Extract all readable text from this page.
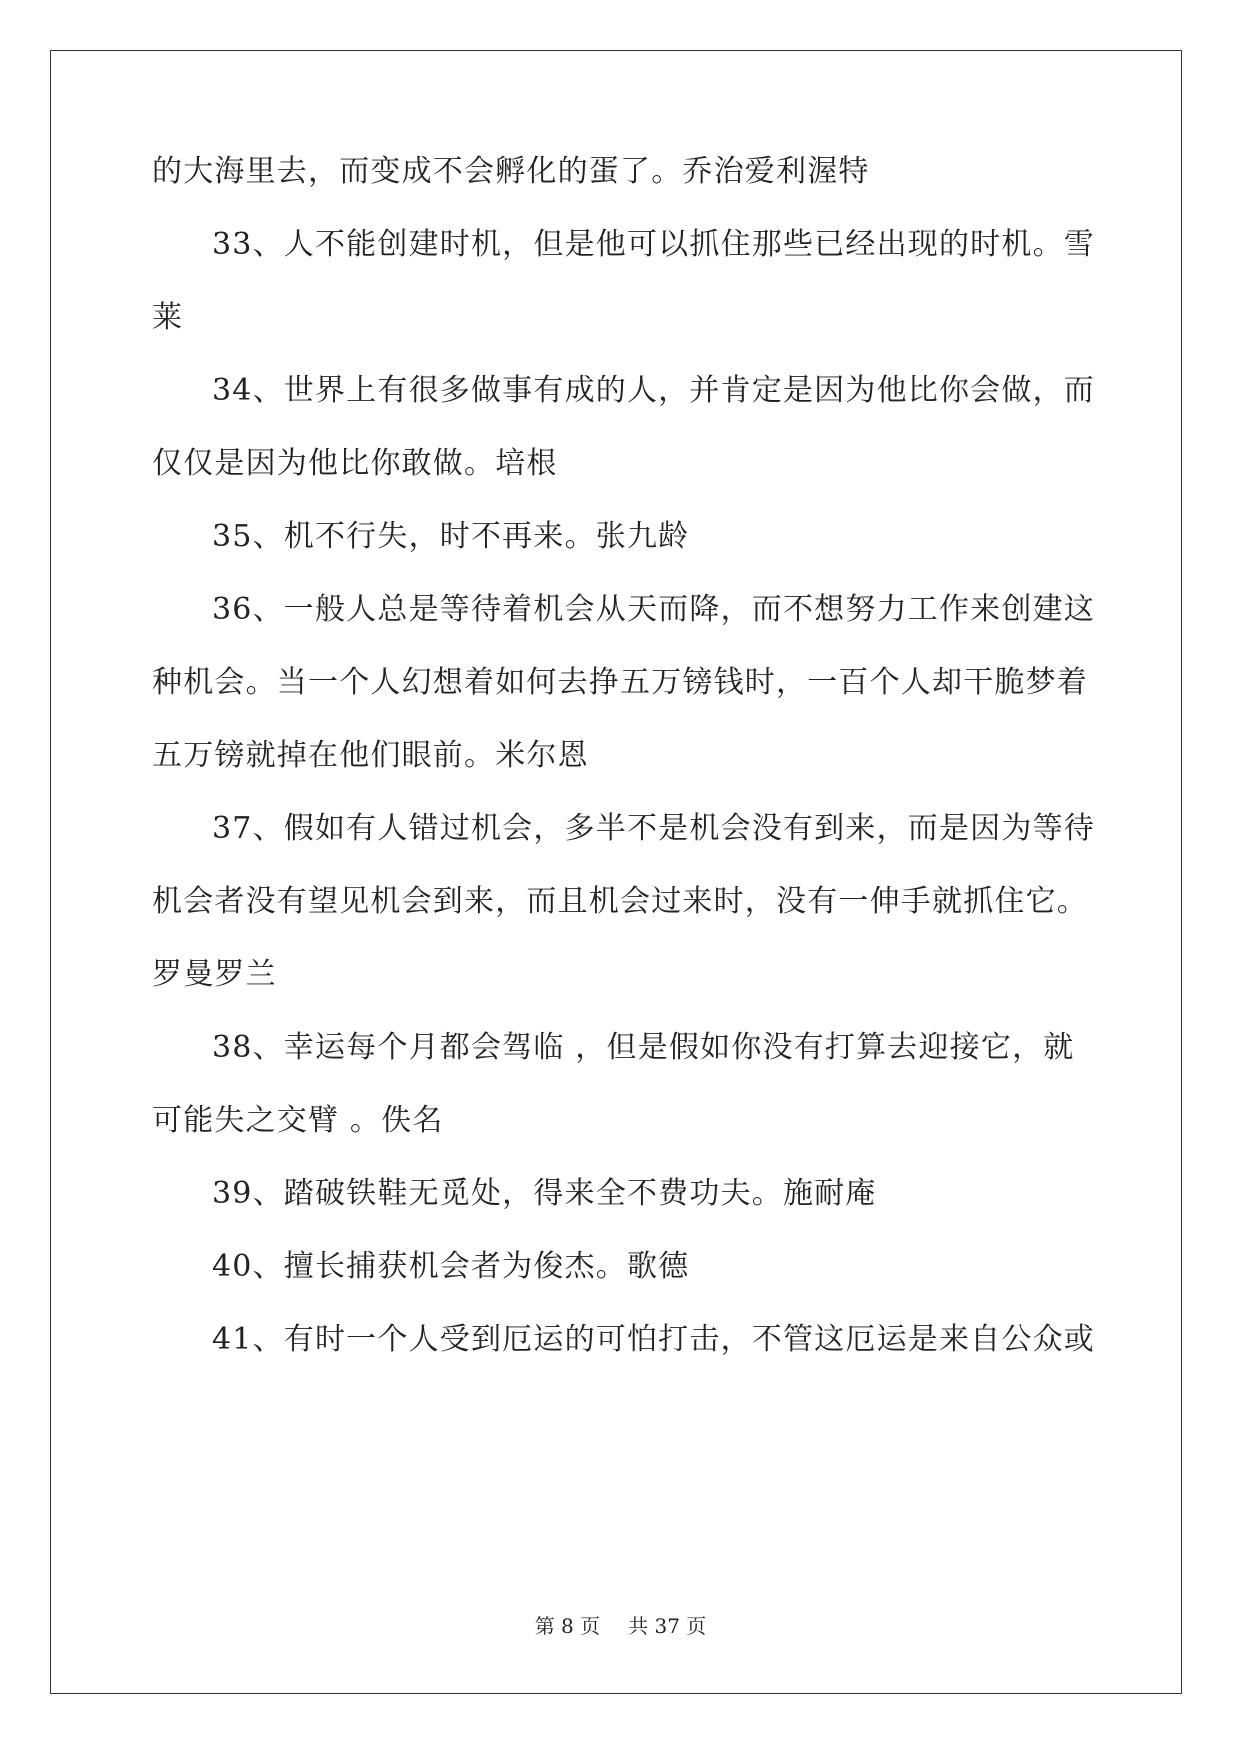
的大海里去，而变成不会孵化的蛋了。乔治爱利渥特
33、人不能创建时机，但是他可以抓住那些已经出现的时机。雪
莱
34、世界上有很多做事有成的人，并肯定是因为他比你会做，而
仅仅是因为他比你敢做。培根
35、机不行失，时不再来。张九龄
36、一般人总是等待着机会从天而降，而不想努力工作来创建这
种机会。当一个人幻想着如何去挣五万镑钱时，一百个人却干脆梦着
五万镑就掉在他们眼前。米尔恩
37、假如有人错过机会，多半不是机会没有到来，而是因为等待
机会者没有望见机会到来，而且机会过来时，没有一伸手就抓住它。
罗曼罗兰
38、幸运每个月都会驾临 ，但是假如你没有打算去迎接它，就
可能失之交臂 。佚名
39、踏破铁鞋无觅处，得来全不费功夫。施耐庵
40、擅长捕获机会者为俊杰。歌德
41、有时一个人受到厄运的可怕打击，不管这厄运是来自公众或
第 8 页 共 37 页
